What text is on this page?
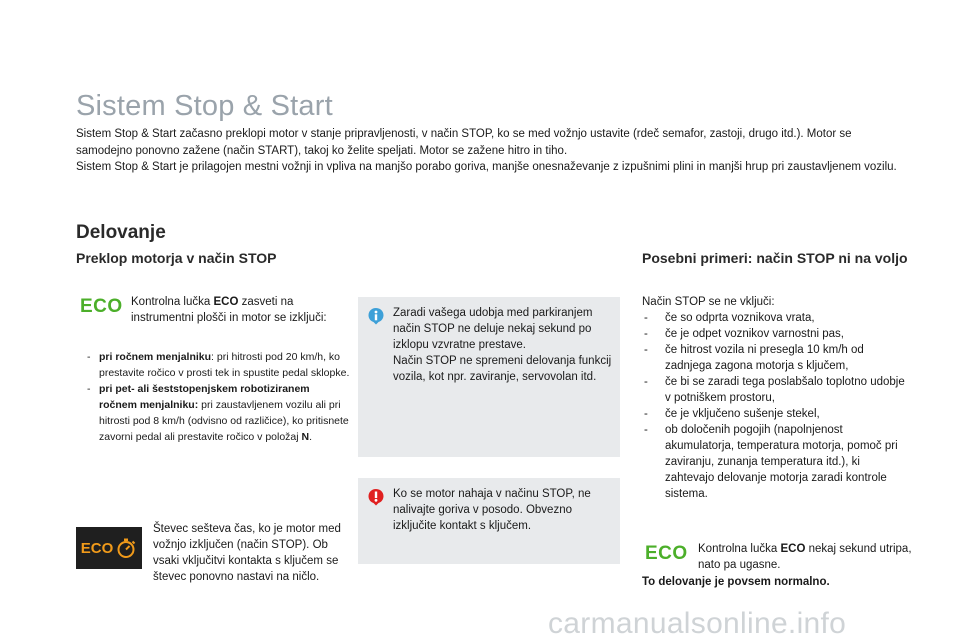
Sistem Stop & Start

Sistem Stop & Start začasno preklopi motor v stanje pripravljenosti, v način STOP, ko se med vožnjo ustavite (rdeč semafor, zastoji, drugo itd.). Motor se samodejno ponovno zažene (način START), takoj ko želite speljati. Motor se zažene hitro in tiho.

Sistem Stop & Start je prilagojen mestni vožnji in vpliva na manjšo porabo goriva, manjše onesnaževanje z izpušnimi plini in manjši hrup pri zaustavljenem vozilu.

Delovanje
Preklop motorja v način STOP	Posebni primeri: način STOP ni na voljo
ECO Kontrolna lučka ECO zasveti na instrumentni plošči in motor se izključi:
- pri ročnem menjalniku: pri hitrosti pod 20 km/h, ko prestavite ročico v prosti tek in spustite pedal sklopke.
- pri pet- ali šeststopenjskem robotiziranem ročnem menjalniku: pri zaustavljenem vozilu ali pri hitrosti pod 8 km/h (odvisno od različice), ko pritisnete zavorni pedal ali prestavite ročico v položaj N.
ECO
Števec sešteva čas, ko je motor med vožnjo izključen (način STOP). Ob vsaki vključitvi kontakta s ključem se števec ponovno nastavi na ničlo.
Zaradi vašega udobja med parkiranjem način STOP ne deluje nekaj sekund po izklopu vzvratne prestave.
Način STOP ne spremeni delovanja funkcij vozila, kot npr. zaviranje, servovolan itd.
Ko se motor nahaja v načinu STOP, ne nalivajte goriva v posodo. Obvezno izključite kontakt s ključem.
Način STOP se ne vključi:
- če so odprta voznikova vrata,
- če je odpet voznikov varnostni pas,
- če hitrost vozila ni presegla 10 km/h od zadnjega zagona motorja s ključem,
- če bi se zaradi tega poslabšalo toplotno udobje v potniškem prostoru,
- če je vključeno sušenje stekel,
- ob določenih pogojih (napolnjenost akumulatorja, temperatura motorja, pomoč pri zaviranju, zunanja temperatura itd.), ki zahtevajo delovanje motorja zaradi kontrole sistema.
ECO Kontrolna lučka ECO nekaj sekund utripa, nato pa ugasne.
To delovanje je povsem normalno.
carmanualsonline.info
